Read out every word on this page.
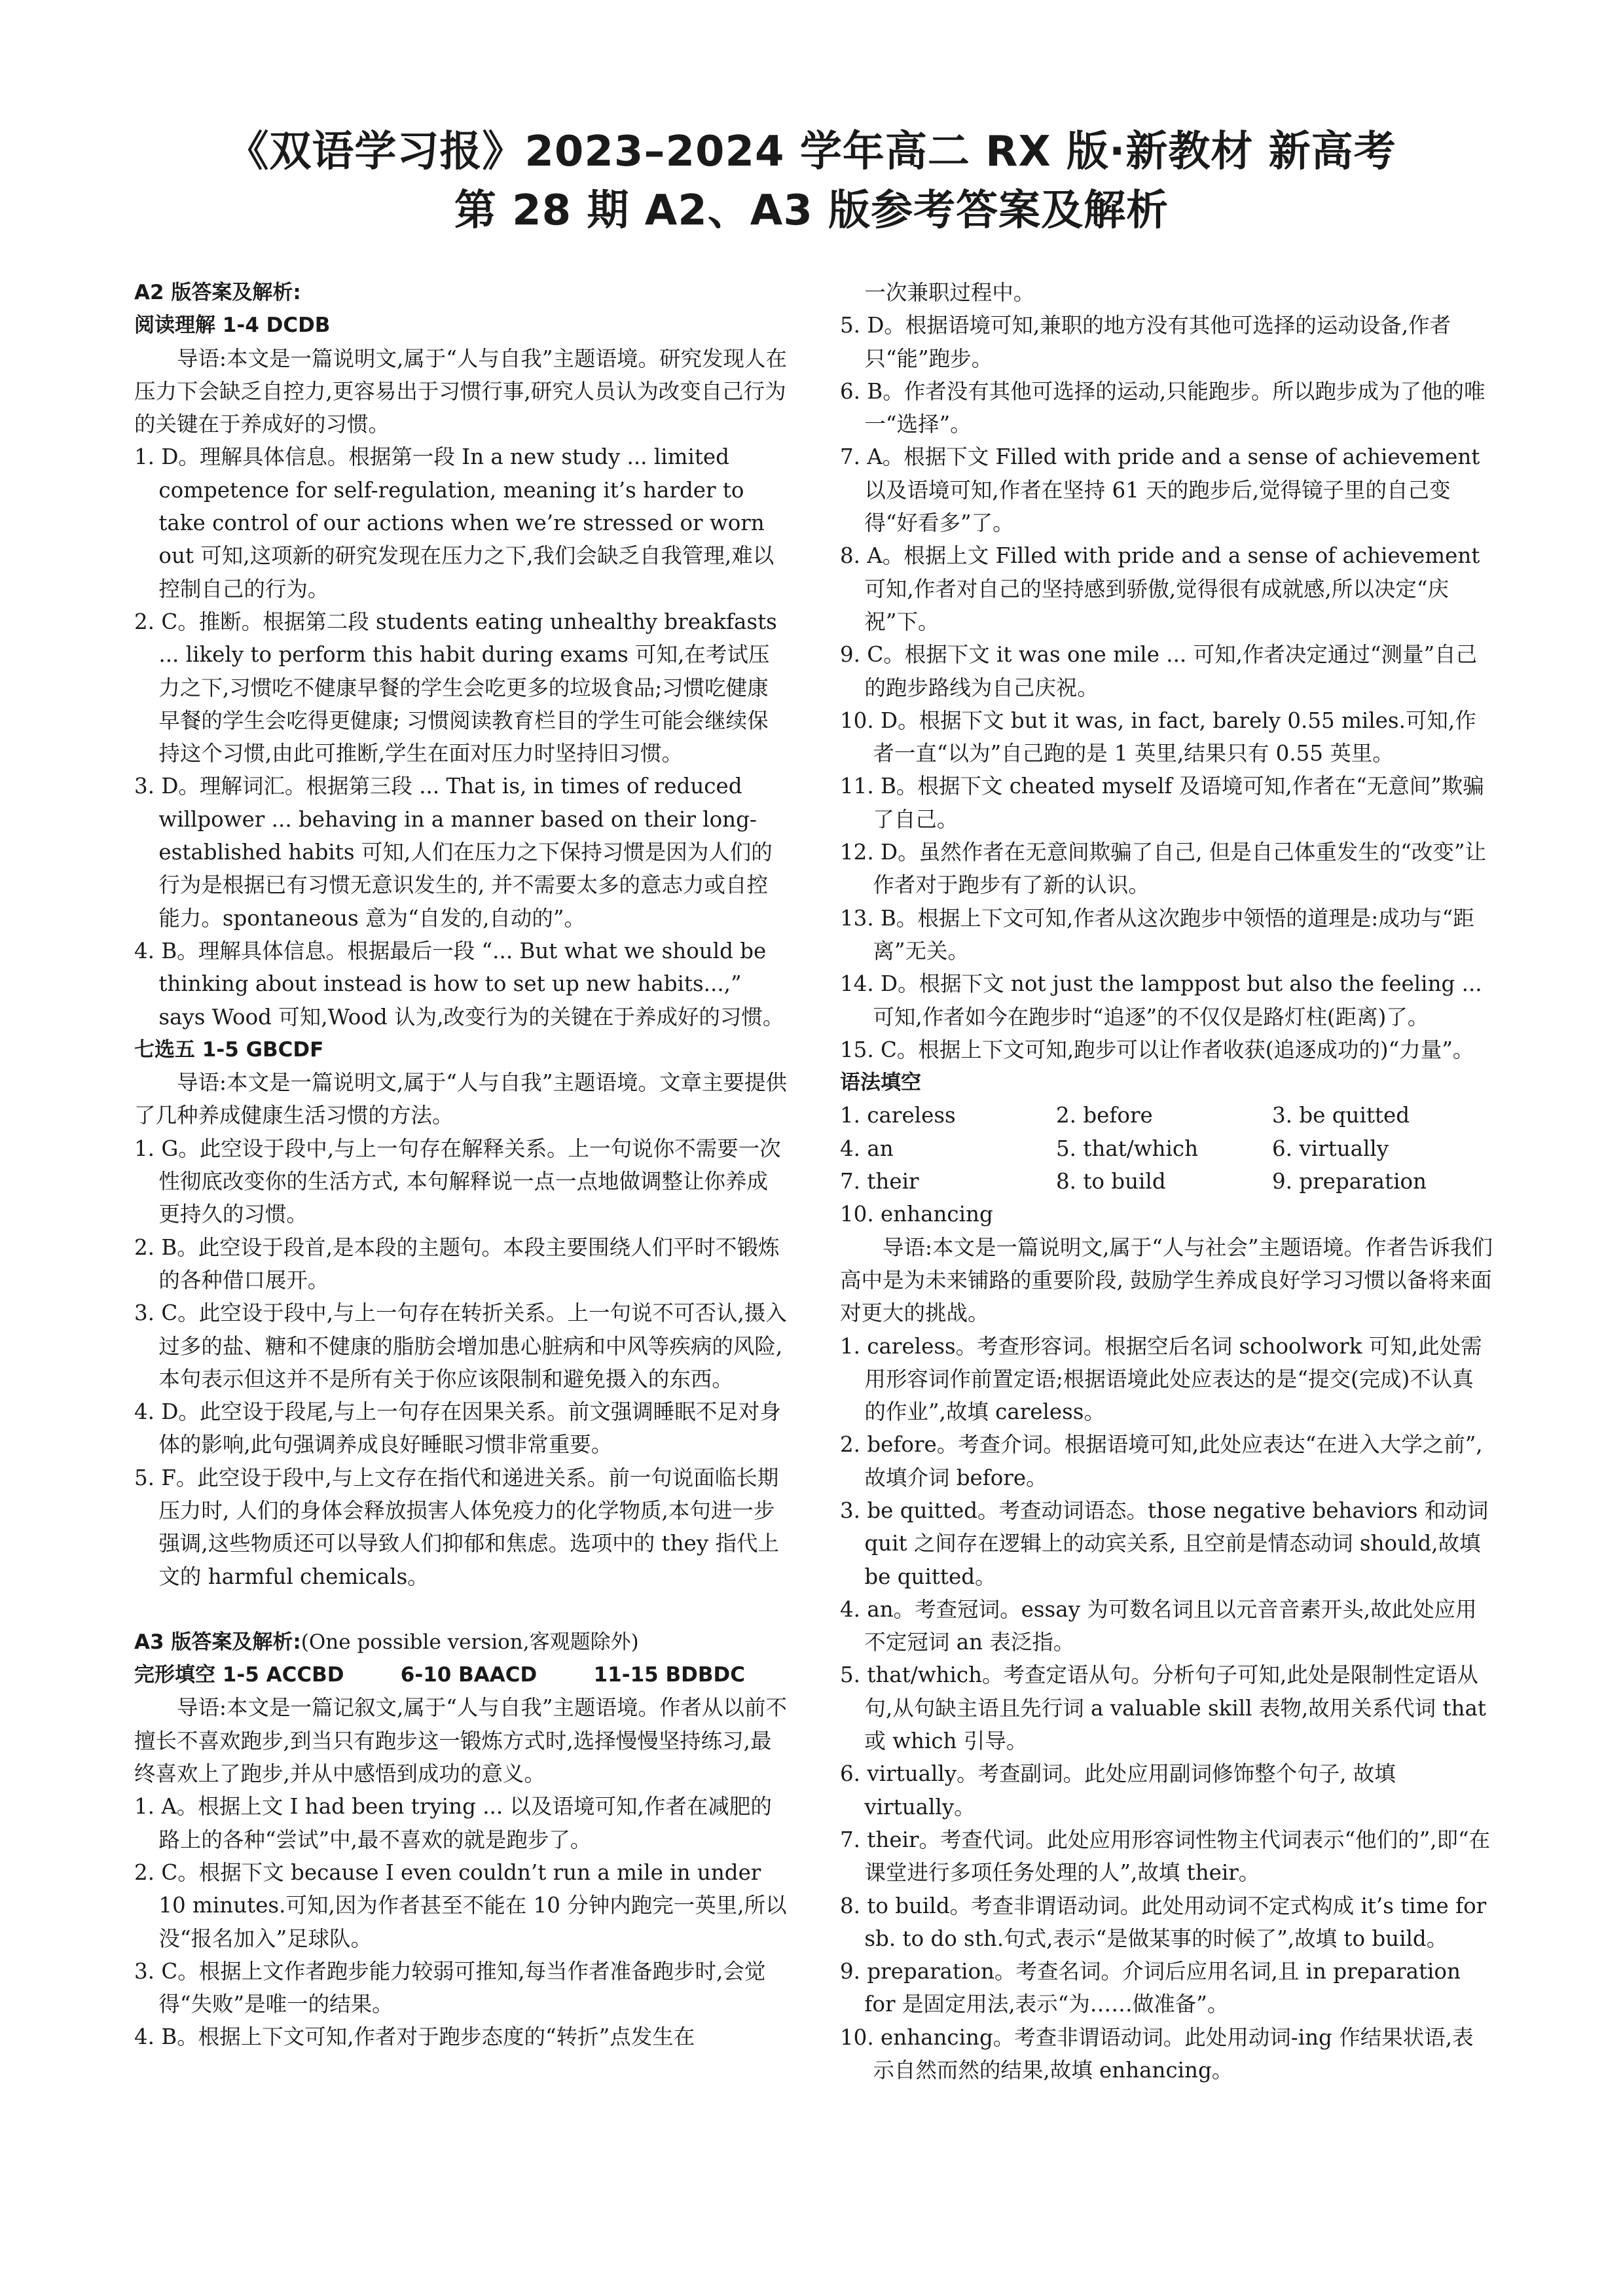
《双语学习报》2023–2024 学年高二 RX 版·新教材 新高考
第 28 期 A2、A3 版参考答案及解析
A2 版答案及解析:
阅读理解 1-4 DCDB
导语:本文是一篇说明文,属于“人与自我”主题语境。研究发现人在压力下会缺乏自控力,更容易出于习惯行事,研究人员认为改变自己行为的关键在于养成好的习惯。
1. D。理解具体信息。根据第一段 In a new study ... limited competence for self-regulation, meaning it’s harder to take control of our actions when we’re stressed or worn out 可知,这项新的研究发现在压力之下,我们会缺乏自我管理,难以控制自己的行为。
2. C。推断。根据第二段 students eating unhealthy breakfasts ... likely to perform this habit during exams 可知,在考试压力之下,习惯吃不健康早餐的学生会吃更多的垃圾食品;习惯吃健康早餐的学生会吃得更健康; 习惯阅读教育栏目的学生可能会继续保持这个习惯,由此可推断,学生在面对压力时坚持旧习惯。
3. D。理解词汇。根据第三段 ... That is, in times of reduced willpower ... behaving in a manner based on their long-established habits 可知,人们在压力之下保持习惯是因为人们的行为是根据已有习惯无意识发生的, 并不需要太多的意志力或自控能力。spontaneous 意为“自发的,自动的”。
4. B。理解具体信息。根据最后一段 “... But what we should be thinking about instead is how to set up new habits...,” says Wood 可知,Wood 认为,改变行为的关键在于养成好的习惯。
七选五 1-5 GBCDF
导语:本文是一篇说明文,属于“人与自我”主题语境。文章主要提供了几种养成健康生活习惯的方法。
1. G。此空设于段中,与上一句存在解释关系。上一句说你不需要一次性彻底改变你的生活方式, 本句解释说一点一点地做调整让你养成更持久的习惯。
2. B。此空设于段首,是本段的主题句。本段主要围绕人们平时不锻炼的各种借口展开。
3. C。此空设于段中,与上一句存在转折关系。上一句说不可否认,摄入过多的盐、糖和不健康的脂肪会增加患心脏病和中风等疾病的风险, 本句表示但这并不是所有关于你应该限制和避免摄入的东西。
4. D。此空设于段尾,与上一句存在因果关系。前文强调睡眠不足对身体的影响,此句强调养成良好睡眠习惯非常重要。
5. F。此空设于段中,与上文存在指代和递进关系。前一句说面临长期压力时, 人们的身体会释放损害人体免疫力的化学物质,本句进一步强调,这些物质还可以导致人们抑郁和焦虑。选项中的 they 指代上文的 harmful chemicals。
A3 版答案及解析:(One possible version,客观题除外)
完形填空 1-5 ACCBD        6-10 BAACD        11-15 BDBDC
导语:本文是一篇记叙文,属于“人与自我”主题语境。作者从以前不擅长不喜欢跑步,到当只有跑步这一锻炼方式时,选择慢慢坚持练习,最终喜欢上了跑步,并从中感悟到成功的意义。
1. A。根据上文 I had been trying ... 以及语境可知,作者在减肥的路上的各种“尝试”中,最不喜欢的就是跑步了。
2. C。根据下文 because I even couldn’t run a mile in under 10 minutes.可知,因为作者甚至不能在 10 分钟内跑完一英里,所以没“报名加入”足球队。
3. C。根据上文作者跑步能力较弱可推知,每当作者准备跑步时,会觉得“失败”是唯一的结果。
4. B。根据上下文可知,作者对于跑步态度的“转折”点发生在
一次兼职过程中。
5. D。根据语境可知,兼职的地方没有其他可选择的运动设备,作者只“能”跑步。
6. B。作者没有其他可选择的运动,只能跑步。所以跑步成为了他的唯一“选择”。
7. A。根据下文 Filled with pride and a sense of achievement 以及语境可知,作者在坚持 61 天的跑步后,觉得镜子里的自己变得“好看多”了。
8. A。根据上文 Filled with pride and a sense of achievement 可知,作者对自己的坚持感到骄傲,觉得很有成就感,所以决定“庆祝”下。
9. C。根据下文 it was one mile ... 可知,作者决定通过“测量”自己的跑步路线为自己庆祝。
10. D。根据下文 but it was, in fact, barely 0.55 miles.可知,作者一直“以为”自己跑的是 1 英里,结果只有 0.55 英里。
11. B。根据下文 cheated myself 及语境可知,作者在“无意间”欺骗了自己。
12. D。虽然作者在无意间欺骗了自己, 但是自己体重发生的“改变”让作者对于跑步有了新的认识。
13. B。根据上下文可知,作者从这次跑步中领悟的道理是:成功与“距离”无关。
14. D。根据下文 not just the lamppost but also the feeling ... 可知,作者如今在跑步时“追逐”的不仅仅是路灯柱(距离)了。
15. C。根据上下文可知,跑步可以让作者收获(追逐成功的)“力量”。
语法填空
1. careless	2. before	3. be quitted
4. an	5. that/which	6. virtually
7. their	8. to build	9. preparation
10. enhancing
导语:本文是一篇说明文,属于“人与社会”主题语境。作者告诉我们高中是为未来铺路的重要阶段, 鼓励学生养成良好学习习惯以备将来面对更大的挑战。
1. careless。考查形容词。根据空后名词 schoolwork 可知,此处需用形容词作前置定语;根据语境此处应表达的是“提交(完成)不认真的作业”,故填 careless。
2. before。考查介词。根据语境可知,此处应表达“在进入大学之前”,故填介词 before。
3. be quitted。考查动词语态。those negative behaviors 和动词 quit 之间存在逻辑上的动宾关系, 且空前是情态动词 should,故填 be quitted。
4. an。考查冠词。essay 为可数名词且以元音音素开头,故此处应用不定冠词 an 表泛指。
5. that/which。考查定语从句。分析句子可知,此处是限制性定语从句,从句缺主语且先行词 a valuable skill 表物,故用关系代词 that 或 which 引导。
6. virtually。考查副词。此处应用副词修饰整个句子, 故填 virtually。
7. their。考查代词。此处应用形容词性物主代词表示“他们的”,即“在课堂进行多项任务处理的人”,故填 their。
8. to build。考查非谓语动词。此处用动词不定式构成 it’s time for sb. to do sth.句式,表示“是做某事的时候了”,故填 to build。
9. preparation。考查名词。介词后应用名词,且 in preparation for 是固定用法,表示“为……做准备”。
10. enhancing。考查非谓语动词。此处用动词-ing 作结果状语,表示自然而然的结果,故填 enhancing。
